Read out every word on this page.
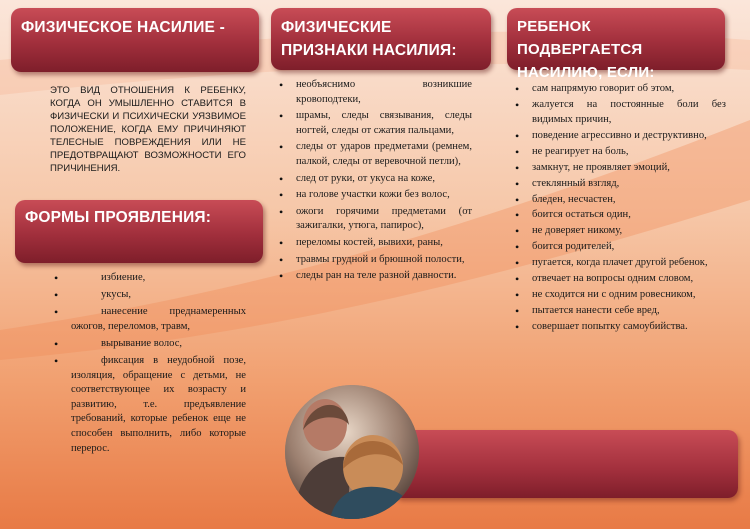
ФИЗИЧЕСКОЕ НАСИЛИЕ -	ФИЗИЧЕСКИЕ ПРИЗНАКИ НАСИЛИЯ:
РЕБЕНОК ПОДВЕРГАЕТСЯ НАСИЛИЮ, ЕСЛИ:
ФОРМЫ ПРОЯВЛЕНИЯ:
ЭТО ВИД ОТНОШЕНИЯ К РЕБЕНКУ, КОГДА ОН УМЫШЛЕННО СТАВИТСЯ В ФИЗИЧЕСКИ И ПСИХИЧЕСКИ УЯЗВИМОЕ ПОЛОЖЕНИЕ, КОГДА ЕМУ ПРИЧИНЯЮТ ТЕЛЕСНЫЕ ПОВРЕЖДЕНИЯ ИЛИ НЕ ПРЕДОТВРАЩАЮТ ВОЗМОЖНОСТИ ЕГО ПРИЧИНЕНИЯ.
• необъяснимо возникшие кровоподтеки,
• шрамы, следы связывания, следы ногтей, следы от сжатия пальцами,
• следы от ударов предметами (ремнем, палкой, следы от веревочной петли),
• след от руки, от укуса на коже,
• на голове участки кожи без волос,
• ожоги горячими предметами (от зажигалки, утюга, папирос),
• переломы костей, вывихи, раны,
• травмы грудной и брюшной полости,
• следы ран на теле разной давности.
• сам напрямую говорит об этом,
• жалуется на постоянные боли без видимых причин,
• поведение агрессивно и деструктивно,
• не реагирует на боль,
• замкнут, не проявляет эмоций,
• стеклянный взгляд,
• бледен, несчастен,
• боится остаться один,
• не доверяет никому,
• боится родителей,
• пугается, когда плачет другой ребенок,
• отвечает на вопросы одним словом,
• не сходится ни с одним ровесником,
• пытается нанести себе вред,
• совершает попытку самоубийства.
• избиение,
• укусы,
• нанесение преднамеренных ожогов, переломов, травм,
• вырывание волос,
• фиксация в неудобной позе, изоляция, обращение с детьми, не соответствующее их возрасту и развитию, т.е. предъявление требований, которые ребенок еще не способен выполнить, либо которые перерос.
